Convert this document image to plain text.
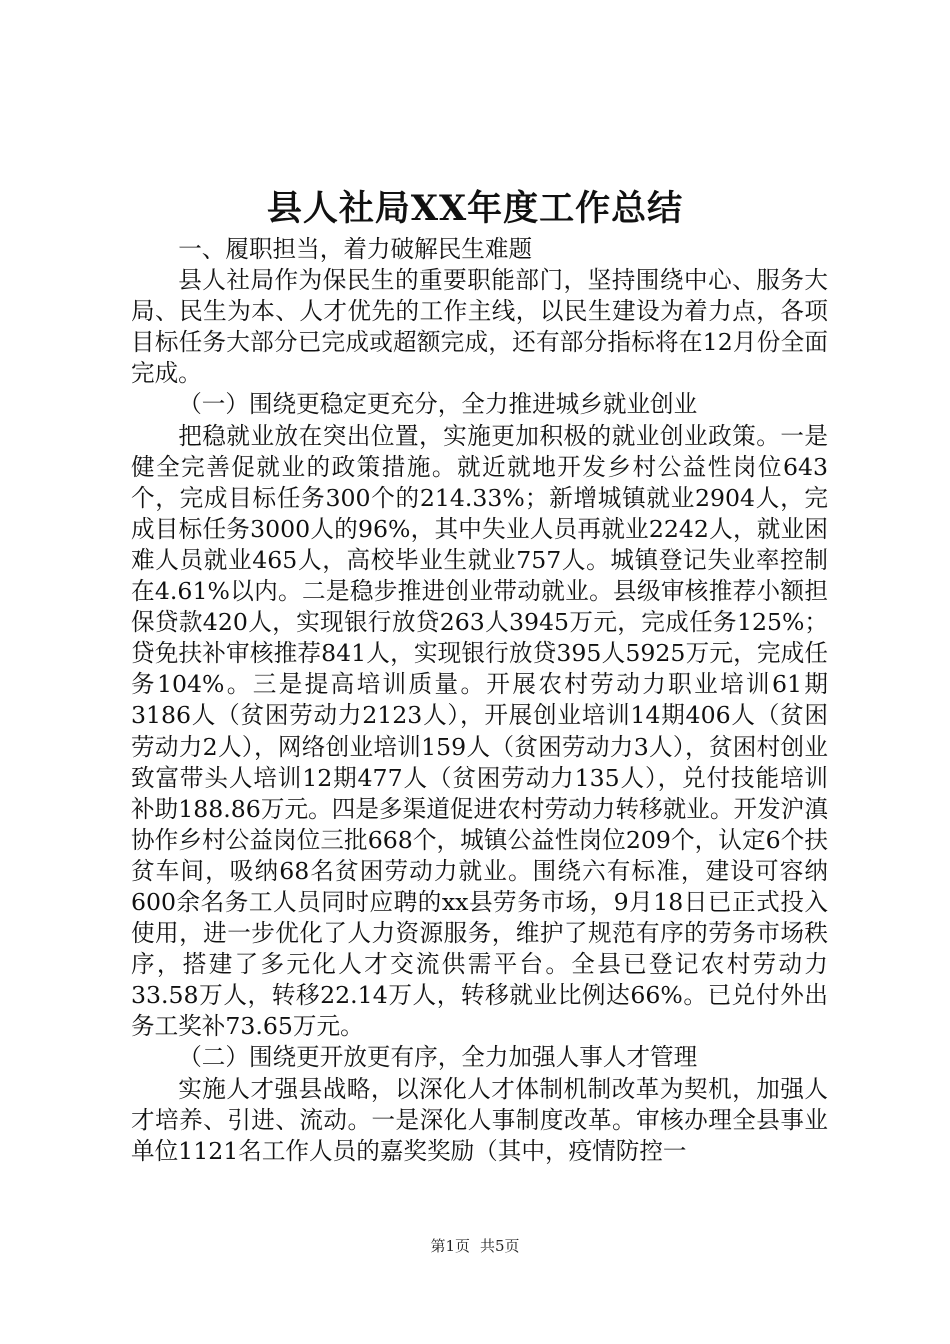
县人社局XX年度工作总结

一、履职担当，着力破解民生难题

县人社局作为保民生的重要职能部门，坚持围绕中心、服务大局、民生为本、人才优先的工作主线，以民生建设为着力点，各项目标任务大部分已完成或超额完成，还有部分指标将在12月份全面完成。

（一）围绕更稳定更充分，全力推进城乡就业创业

把稳就业放在突出位置，实施更加积极的就业创业政策。一是健全完善促就业的政策措施。就近就地开发乡村公益性岗位643个，完成目标任务300个的214.33%；新增城镇就业2904人，完成目标任务3000人的96%，其中失业人员再就业2242人，就业困难人员就业465人，高校毕业生就业757人。城镇登记失业率控制在4.61%以内。二是稳步推进创业带动就业。县级审核推荐小额担保贷款420人，实现银行放贷263人3945万元，完成任务125%；贷免扶补审核推荐841人，实现银行放贷395人5925万元，完成任务104%。三是提高培训质量。开展农村劳动力职业培训61期3186人（贫困劳动力2123人），开展创业培训14期406人（贫困劳动力2人），网络创业培训159人（贫困劳动力3人），贫困村创业致富带头人培训12期477人（贫困劳动力135人），兑付技能培训补助188.86万元。四是多渠道促进农村劳动力转移就业。开发沪滇协作乡村公益岗位三批668个，城镇公益性岗位209个，认定6个扶贫车间，吸纳68名贫困劳动力就业。围绕六有标准，建设可容纳600余名务工人员同时应聘的xx县劳务市场，9月18日已正式投入使用，进一步优化了人力资源服务，维护了规范有序的劳务市场秩序，搭建了多元化人才交流供需平台。全县已登记农村劳动力33.58万人，转移22.14万人，转移就业比例达66%。已兑付外出务工奖补73.65万元。

（二）围绕更开放更有序，全力加强人事人才管理

实施人才强县战略，以深化人才体制机制改革为契机，加强人才培养、引进、流动。一是深化人事制度改革。审核办理全县事业单位1121名工作人员的嘉奖奖励（其中，疫情防控一

第1页 共5页
